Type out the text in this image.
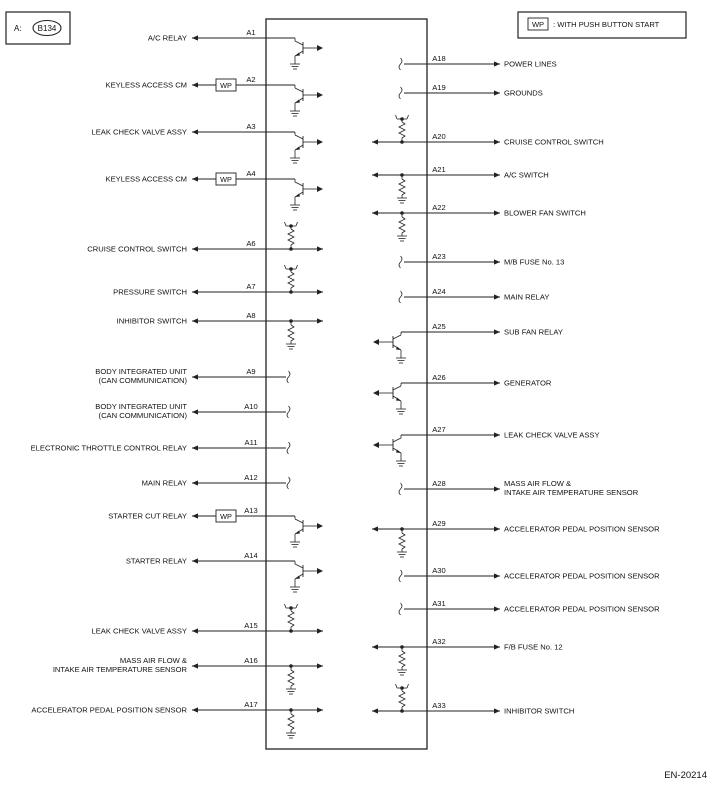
A: B134	WP : WITH PUSH BUTTON START
A/C RELAY
A1
KEYLESS ACCESS CM
A2
WP
LEAK CHECK VALVE ASSY
A3
KEYLESS ACCESS CM
A4
WP
CRUISE CONTROL SWITCH
A6
PRESSURE SWITCH
A7
INHIBITOR SWITCH
A8
BODY INTEGRATED UNIT
(CAN COMMUNICATION)
A9
BODY INTEGRATED UNIT
(CAN COMMUNICATION)
A10
ELECTRONIC THROTTLE CONTROL RELAY
A11
MAIN RELAY
A12
STARTER CUT RELAY
A13
WP
STARTER RELAY
A14
LEAK CHECK VALVE ASSY
A15
MASS AIR FLOW &
INTAKE AIR TEMPERATURE SENSOR
A16
ACCELERATOR PEDAL POSITION SENSOR
A17
POWER LINES
A18
GROUNDS
A19
CRUISE CONTROL SWITCH
A20
A/C SWITCH
A21
BLOWER FAN SWITCH
A22
M/B FUSE No. 13
A23
MAIN RELAY
A24
SUB FAN RELAY
A25
GENERATOR
A26
LEAK CHECK VALVE ASSY
A27
MASS AIR FLOW &
INTAKE AIR TEMPERATURE SENSOR
A28
ACCELERATOR PEDAL POSITION SENSOR
A29
ACCELERATOR PEDAL POSITION SENSOR
A30
ACCELERATOR PEDAL POSITION SENSOR
A31
F/B FUSE No. 12
A32
INHIBITOR SWITCH
A33
EN-20214
